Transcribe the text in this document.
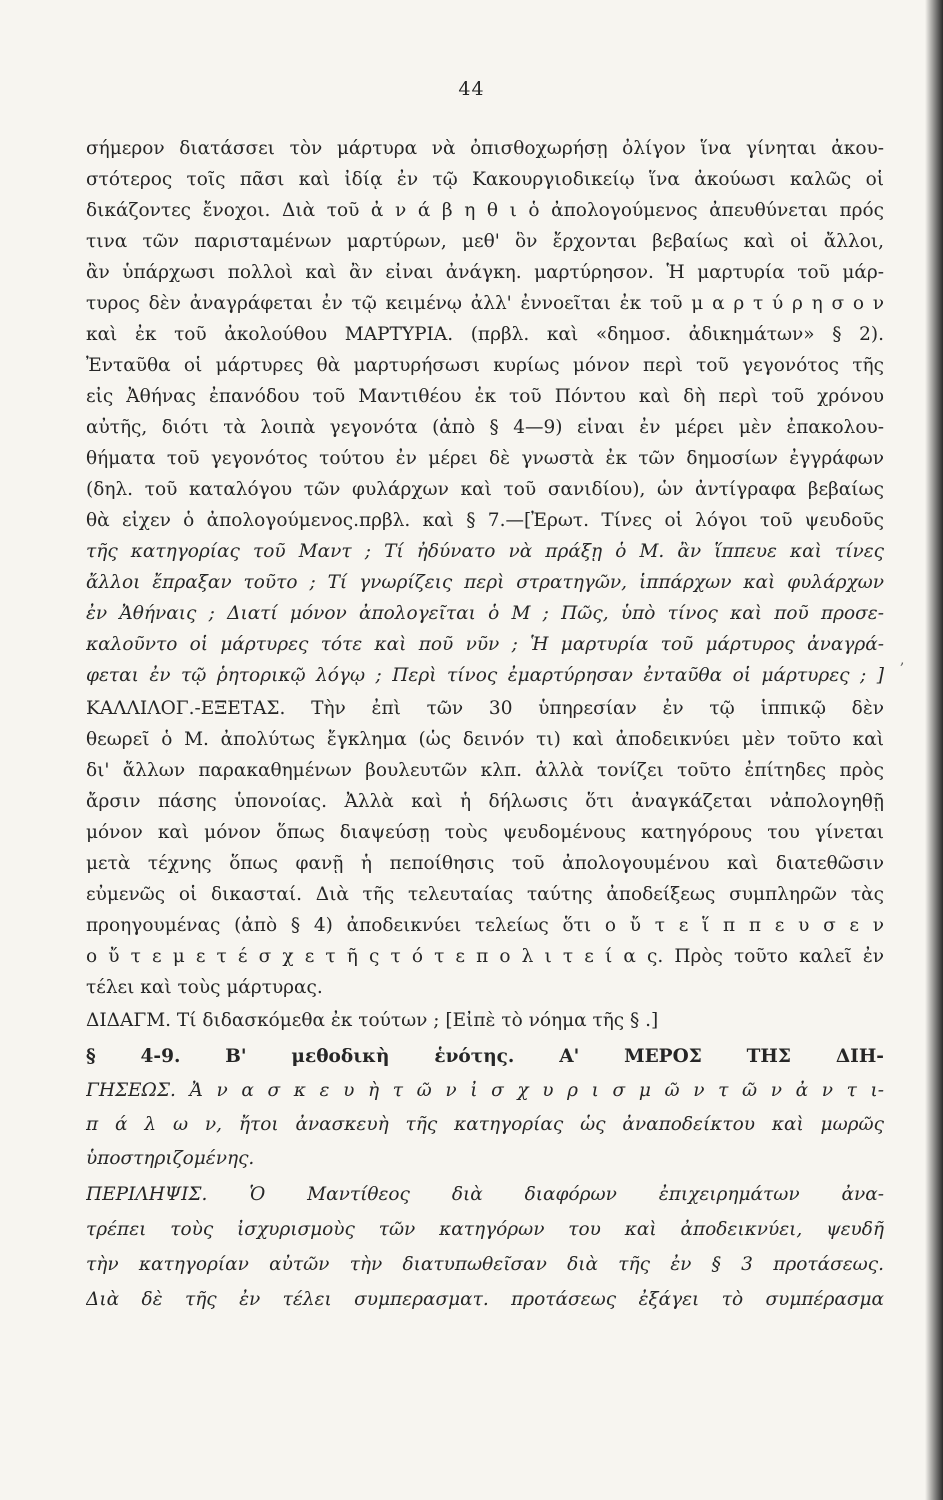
44
σήμερον διατάσσει τὸν μάρτυρα νὰ ὀπισθοχωρήσῃ ὀλίγον ἵνα γίνηται ἀκου-
στότερος τοῖς πᾶσι καὶ ἰδίᾳ ἐν τῷ Κακουργιοδικείῳ ἵνα ἀκούωσι καλῶς οἱ
δικάζοντες ἔνοχοι. Διὰ τοῦ ἀ ν ά β η θ ι ὁ ἀπολογούμενος ἀπευθύνεται πρός
τινα τῶν παρισταμένων μαρτύρων, μεθ' ὃν ἔρχονται βεβαίως καὶ οἱ ἄλλοι,
ἂν ὑπάρχωσι πολλοὶ καὶ ἂν εἶναι ἀνάγκη. μαρτύρησον. Ἡ μαρτυρία τοῦ μάρ-
τυρος δὲν ἀναγράφεται ἐν τῷ κειμένῳ ἀλλ' ἐννοεῖται ἐκ τοῦ μ α ρ τ ύ ρ η σ ο ν
καὶ ἐκ τοῦ ἀκολούθου ΜΑΡΤΥΡΙΑ. (πρβλ. καὶ «δημοσ. ἀδικημάτων» § 2).
Ἐνταῦθα οἱ μάρτυρες θὰ μαρτυρήσωσι κυρίως μόνον περὶ τοῦ γεγονότος τῆς
εἰς Ἀθήνας ἐπανόδου τοῦ Μαντιθέου ἐκ τοῦ Πόντου καὶ δὴ περὶ τοῦ χρόνου
αὐτῆς, διότι τὰ λοιπὰ γεγονότα (ἀπὸ § 4—9) εἶναι ἐν μέρει μὲν ἐπακολου-
θήματα τοῦ γεγονότος τούτου ἐν μέρει δὲ γνωστὰ ἐκ τῶν δημοσίων ἐγγράφων
(δηλ. τοῦ καταλόγου τῶν φυλάρχων καὶ τοῦ σανιδίου), ὧν ἀντίγραφα βεβαίως
θὰ εἶχεν ὁ ἀπολογούμενος.πρβλ. καὶ § 7.—[Ἐρωτ. Τίνες οἱ λόγοι τοῦ ψευδοῦς
τῆς κατηγορίας τοῦ Μαντ ; Τί ἠδύνατο νὰ πράξῃ ὁ Μ. ἂν ἵππευε καὶ τίνες
ἄλλοι ἔπραξαν τοῦτο ; Τί γνωρίζεις περὶ στρατηγῶν, ἱππάρχων καὶ φυλάρχων
ἐν Ἀθήναις ; Διατί μόνον ἀπολογεῖται ὁ Μ ; Πῶς, ὑπὸ τίνος καὶ ποῦ προσε-
καλοῦντο οἱ μάρτυρες τότε καὶ ποῦ νῦν ; Ἡ μαρτυρία τοῦ μάρτυρος ἀναγρά-
φεται ἐν τῷ ῥητορικῷ λόγῳ ; Περὶ τίνος ἐμαρτύρησαν ἐνταῦθα οἱ μάρτυρες ; ]
ΚΑΛΛΙΛΟΓ.-ΕΞΕΤΑΣ. Τὴν ἐπὶ τῶν 30 ὑπηρεσίαν ἐν τῷ ἱππικῷ δὲν
θεωρεῖ ὁ Μ. ἀπολύτως ἔγκλημα (ὡς δεινόν τι) καὶ ἀποδεικνύει μὲν τοῦτο καὶ
δι' ἄλλων παρακαθημένων βουλευτῶν κλπ. ἀλλὰ τονίζει τοῦτο ἐπίτηδες πρὸς
ἄρσιν πάσης ὑπονοίας. Ἀλλὰ καὶ ἡ δήλωσις ὅτι ἀναγκάζεται νἀπολογηθῇ
μόνον καὶ μόνον ὅπως διαψεύσῃ τοὺς ψευδομένους κατηγόρους του γίνεται
μετὰ τέχνης ὅπως φανῇ ἡ πεποίθησις τοῦ ἀπολογουμένου καὶ διατεθῶσιν
εὐμενῶς οἱ δικασταί. Διὰ τῆς τελευταίας ταύτης ἀποδείξεως συμπληρῶν τὰς
προηγουμένας (ἀπὸ § 4) ἀποδεικνύει τελείως ὅτι ο ὔ τ ε ἵ π π ε υ σ ε ν
ο ὔ τ ε μ ε τ έ σ χ ε τ ῆ ς τ ό τ ε π ο λ ι τ ε ί α ς. Πρὸς τοῦτο καλεῖ ἐν
τέλει καὶ τοὺς μάρτυρας.
ΔΙΔΑΓΜ. Τί διδασκόμεθα ἐκ τούτων ; [Εἰπὲ τὸ νόημα τῆς § .]
§ 4-9. Β' μεθοδικὴ ἑνότης. Α' ΜΕΡΟΣ ΤΗΣ ΔΙΗ-
ΓΗΣΕΩΣ. Ἀ ν α σ κ ε υ ὴ τ ῶ ν ἰ σ χ υ ρ ι σ μ ῶ ν τ ῶ ν ἀ ν τ ι-
π ά λ ω ν, ἤτοι ἀνασκευὴ τῆς κατηγορίας ὡς ἀναποδείκτου καὶ μωρῶς
ὑποστηριζομένης.
ΠΕΡΙΛΗΨΙΣ. Ὁ Μαντίθεος διὰ διαφόρων ἐπιχειρημάτων ἀνα-
τρέπει τοὺς ἰσχυρισμοὺς τῶν κατηγόρων του καὶ ἀποδεικνύει, ψευδῆ
τὴν κατηγορίαν αὐτῶν τὴν διατυπωθεῖσαν διὰ τῆς ἐν § 3 προτάσεως.
Διὰ δὲ τῆς ἐν τέλει συμπερασματ. προτάσεως ἐξάγει τὸ συμπέρασμα
,
